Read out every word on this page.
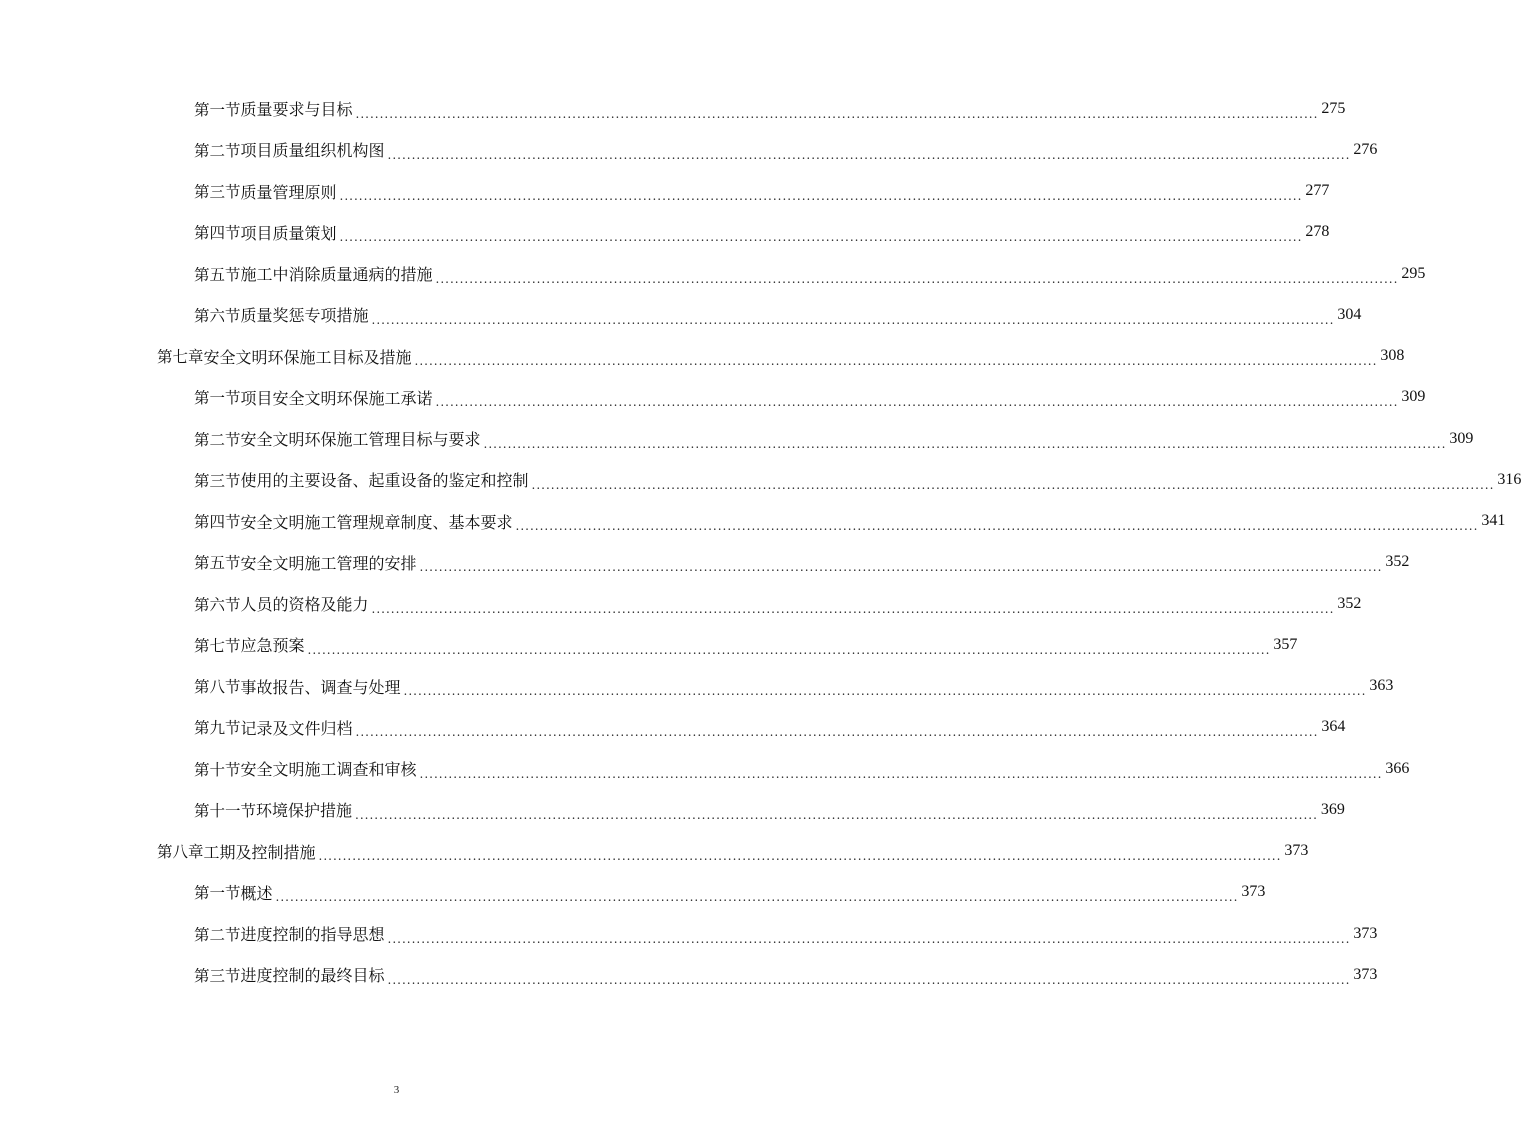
第一节 质量要求与目标 ........................................................................................................................................................................................................ 275
第二节 项目质量组织机构图 ........................................................................................................................................................................................................ 276
第三节 质量管理原则 ........................................................................................................................................................................................................ 277
第四节 项目质量策划 ........................................................................................................................................................................................................ 278
第五节 施工中消除质量通病的措施 ........................................................................................................................................................................................................ 295
第六节 质量奖惩专项措施 ........................................................................................................................................................................................................ 304
第七章 安全文明环保施工目标及措施 ........................................................................................................................................................................................................ 308
第一节 项目安全文明环保施工承诺 ........................................................................................................................................................................................................ 309
第二节 安全文明环保施工管理目标与要求 ........................................................................................................................................................................................................ 309
第三节 使用的主要设备、起重设备的鉴定和控制 ........................................................................................................................................................................................................ 316
第四节 安全文明施工管理规章制度、基本要求 ........................................................................................................................................................................................................ 341
第五节 安全文明施工管理的安排 ........................................................................................................................................................................................................ 352
第六节 人员的资格及能力 ........................................................................................................................................................................................................ 352
第七节 应急预案 ........................................................................................................................................................................................................ 357
第八节 事故报告、调查与处理 ........................................................................................................................................................................................................ 363
第九节 记录及文件归档 ........................................................................................................................................................................................................ 364
第十节 安全文明施工调查和审核 ........................................................................................................................................................................................................ 366
第十一节 环境保护措施 ........................................................................................................................................................................................................ 369
第八章 工期及控制措施 ........................................................................................................................................................................................................ 373
第一节 概述 ........................................................................................................................................................................................................ 373
第二节 进度控制的指导思想 ........................................................................................................................................................................................................ 373
第三节 进度控制的最终目标 ........................................................................................................................................................................................................ 373
3
